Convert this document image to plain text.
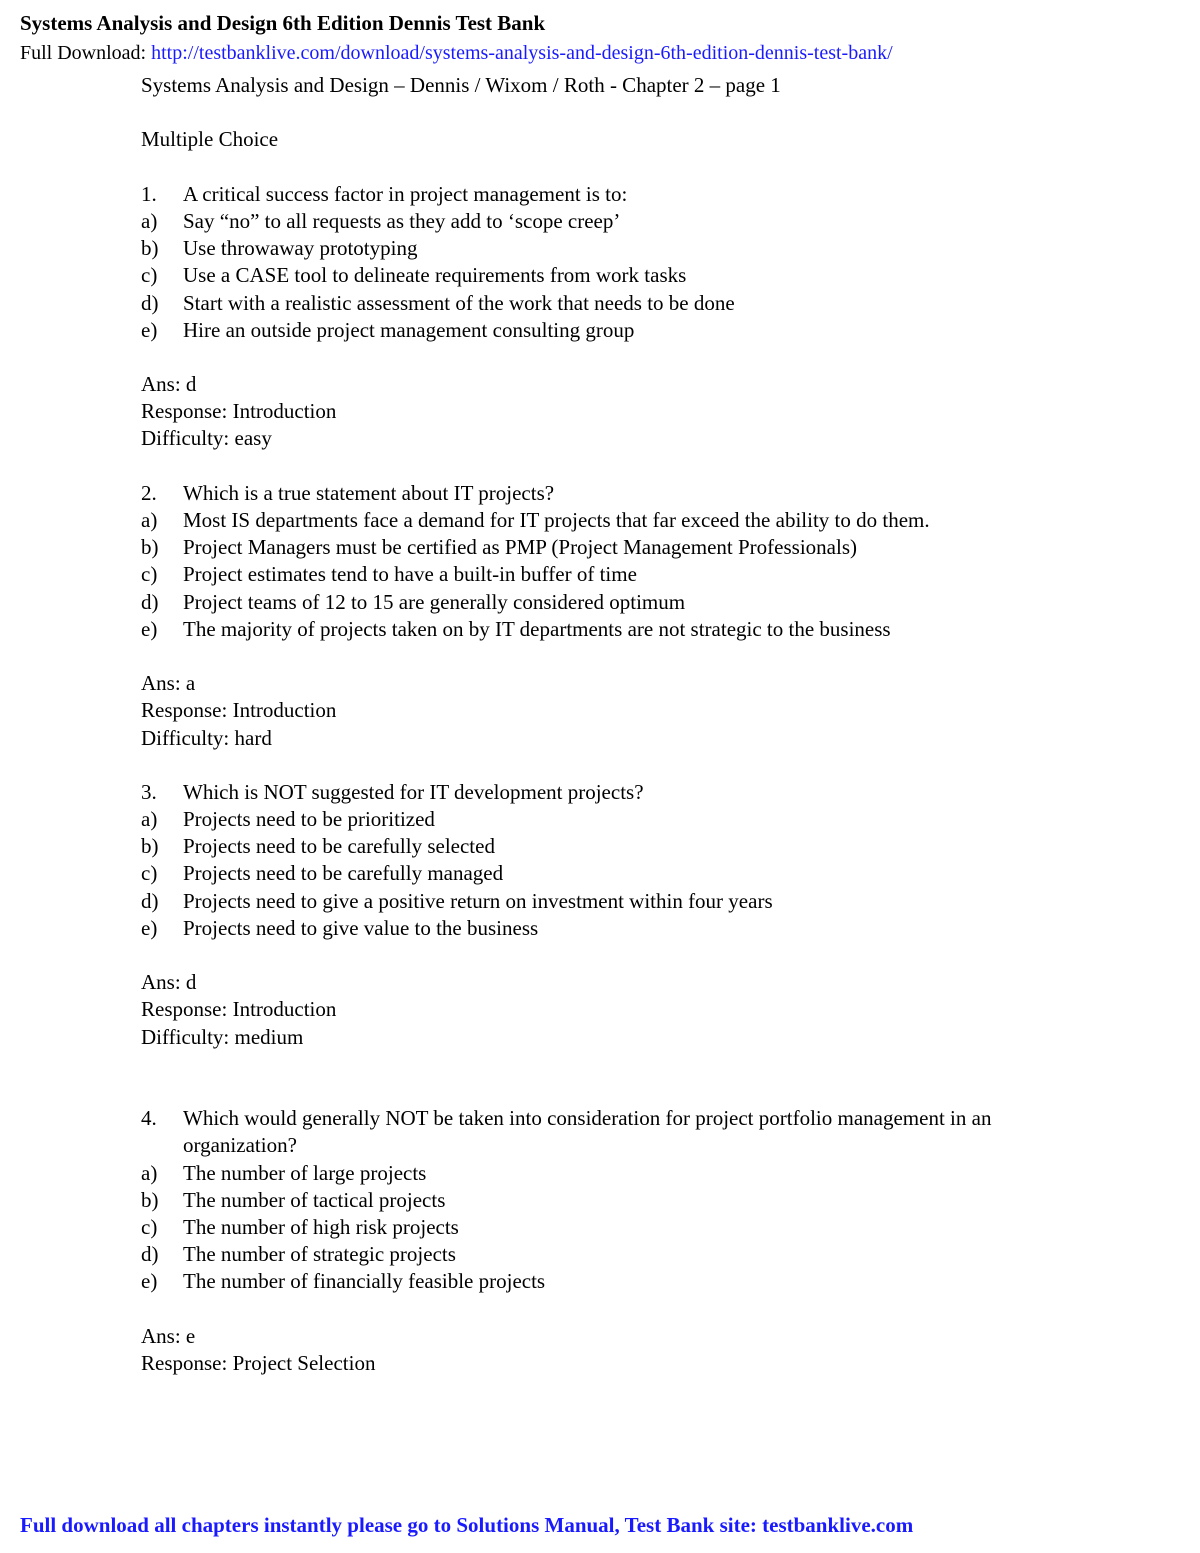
Systems Analysis and Design 6th Edition Dennis Test Bank
Full Download: http://testbanklive.com/download/systems-analysis-and-design-6th-edition-dennis-test-bank/
Systems Analysis and Design – Dennis / Wixom / Roth - Chapter 2 – page 1
Multiple Choice
1. A critical success factor in project management is to:
a) Say “no” to all requests as they add to ‘scope creep’
b) Use throwaway prototyping
c) Use a CASE tool to delineate requirements from work tasks
d) Start with a realistic assessment of the work that needs to be done
e) Hire an outside project management consulting group
Ans: d
Response: Introduction
Difficulty: easy
2. Which is a true statement about IT projects?
a) Most IS departments face a demand for IT projects that far exceed the ability to do them.
b) Project Managers must be certified as PMP (Project Management Professionals)
c) Project estimates tend to have a built-in buffer of time
d) Project teams of 12 to 15 are generally considered optimum
e) The majority of projects taken on by IT departments are not strategic to the business
Ans: a
Response: Introduction
Difficulty: hard
3. Which is NOT suggested for IT development projects?
a) Projects need to be prioritized
b) Projects need to be carefully selected
c) Projects need to be carefully managed
d) Projects need to give a positive return on investment within four years
e) Projects need to give value to the business
Ans: d
Response: Introduction
Difficulty: medium
4. Which would generally NOT be taken into consideration for project portfolio management in an organization?
a) The number of large projects
b) The number of tactical projects
c) The number of high risk projects
d) The number of strategic projects
e) The number of financially feasible projects
Ans: e
Response: Project Selection
Full download all chapters instantly please go to Solutions Manual, Test Bank site: testbanklive.com
